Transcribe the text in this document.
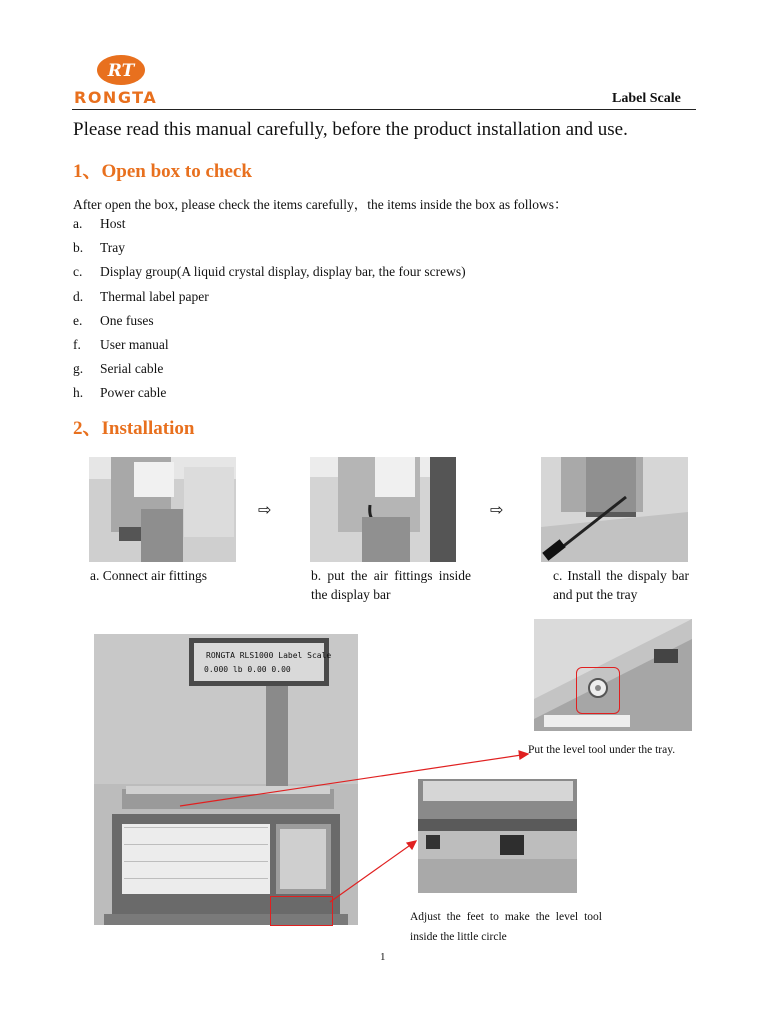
RT
RONGTA	Label Scale
Please read this manual carefully, before the product installation and use.
1、Open box to check
After open the box, please check the items carefully，the items inside the box as follows：
a.	Host
b.	Tray
c.	Display group(A liquid crystal display, display bar, the four screws)
d.	Thermal label paper
e.	One fuses
f.	User manual
g.	Serial cable
h.	Power cable
2、Installation
⇨	⇨
a. Connect air fittings	b. put the air fittings inside the display bar
c. Install the dispaly bar and put the tray
RONGTA RLS1000 Label Scale
0.000 lb 0.00 0.00
Put the level tool under the tray.
Adjust the feet to make the level tool inside the little circle
1
